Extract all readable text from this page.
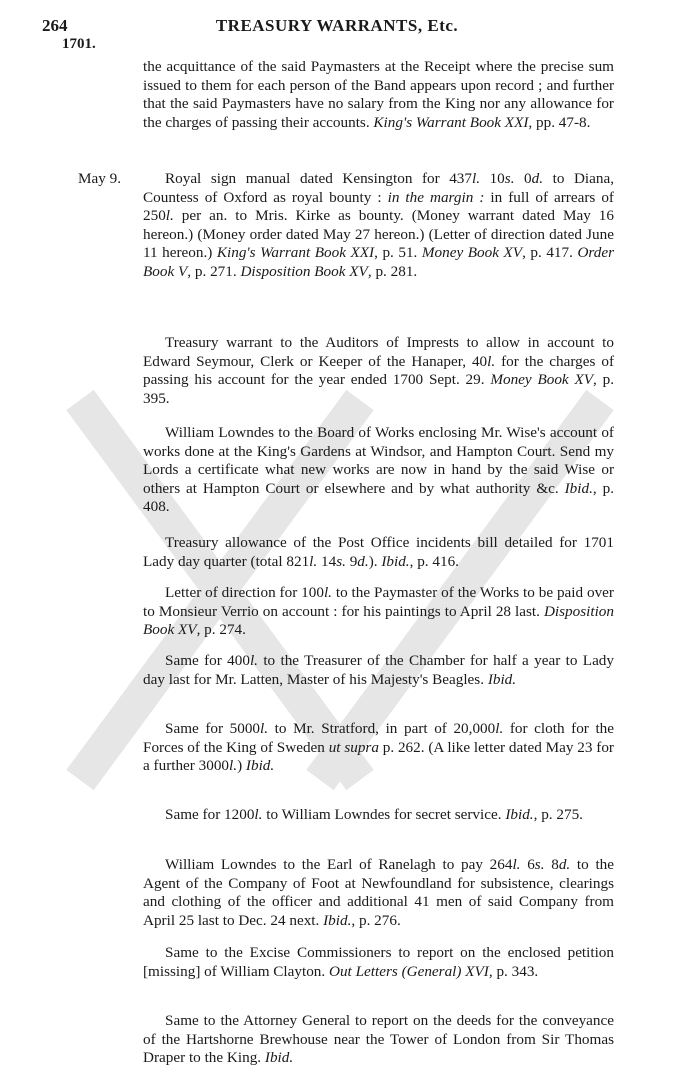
264	TREASURY WARRANTS, Etc.
1701.
the acquittance of the said Paymasters at the Receipt where the precise sum issued to them for each person of the Band appears upon record ; and further that the said Paymasters have no salary from the King nor any allowance for the charges of passing their accounts. King's Warrant Book XXI, pp. 47-8.
May 9.	Royal sign manual dated Kensington for 437l. 10s. 0d. to Diana, Countess of Oxford as royal bounty : in the margin : in full of arrears of 250l. per an. to Mris. Kirke as bounty. (Money warrant dated May 16 hereon.) (Money order dated May 27 hereon.) (Letter of direction dated June 11 hereon.) King's Warrant Book XXI, p. 51. Money Book XV, p. 417. Order Book V, p. 271. Disposition Book XV, p. 281.
Treasury warrant to the Auditors of Imprests to allow in account to Edward Seymour, Clerk or Keeper of the Hanaper, 40l. for the charges of passing his account for the year ended 1700 Sept. 29. Money Book XV, p. 395.
William Lowndes to the Board of Works enclosing Mr. Wise's account of works done at the King's Gardens at Windsor, and Hampton Court. Send my Lords a certificate what new works are now in hand by the said Wise or others at Hampton Court or elsewhere and by what authority &c. Ibid., p. 408.
Treasury allowance of the Post Office incidents bill detailed for 1701 Lady day quarter (total 821l. 14s. 9d.). Ibid., p. 416.
Letter of direction for 100l. to the Paymaster of the Works to be paid over to Monsieur Verrio on account : for his paintings to April 28 last. Disposition Book XV, p. 274.
Same for 400l. to the Treasurer of the Chamber for half a year to Lady day last for Mr. Latten, Master of his Majesty's Beagles. Ibid.
Same for 5000l. to Mr. Stratford, in part of 20,000l. for cloth for the Forces of the King of Sweden ut supra p. 262. (A like letter dated May 23 for a further 3000l.) Ibid.
Same for 1200l. to William Lowndes for secret service. Ibid., p. 275.
William Lowndes to the Earl of Ranelagh to pay 264l. 6s. 8d. to the Agent of the Company of Foot at Newfoundland for subsistence, clearings and clothing of the officer and additional 41 men of said Company from April 25 last to Dec. 24 next. Ibid., p. 276.
Same to the Excise Commissioners to report on the enclosed petition [missing] of William Clayton. Out Letters (General) XVI, p. 343.
Same to the Attorney General to report on the deeds for the conveyance of the Hartshorne Brewhouse near the Tower of London from Sir Thomas Draper to the King. Ibid.
